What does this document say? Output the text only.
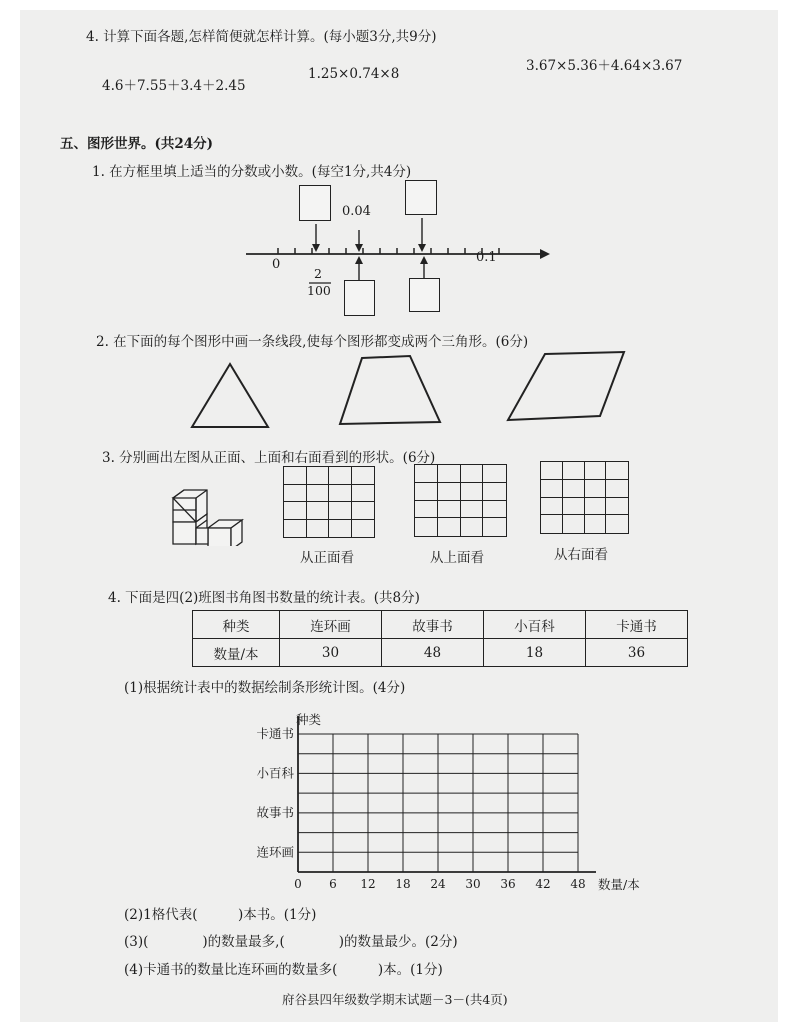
4. 计算下面各题,怎样简便就怎样计算。(每小题3分,共9分)
4.6＋7.55＋3.4＋2.45
1.25×0.74×8	3.67×5.36＋4.64×3.67
五、图形世界。(共24分)
1. 在方框里填上适当的分数或小数。(每空1分,共4分)
0.04
0	0.1
2
100
2. 在下面的每个图形中画一条线段,使每个图形都变成两个三角形。(6分)
3. 分别画出左图从正面、上面和右面看到的形状。(6分)
从正面看	从上面看	从右面看
4. 下面是四(2)班图书角图书数量的统计表。(共8分)
种类	连环画	故事书	小百科	卡通书
数量/本	30	48	18	36
(1)根据统计表中的数据绘制条形统计图。(4分)
种类
数量/本
0 6 12 18 24 30 36 42 48
连环画
故事书
小百科
卡通书
(2)1格代表(　　　)本书。(1分)
(3)(　　　　)的数量最多,(　　　　)的数量最少。(2分)
(4)卡通书的数量比连环画的数量多(　　　)本。(1分)
府谷县四年级数学期末试题－3－(共4页)
